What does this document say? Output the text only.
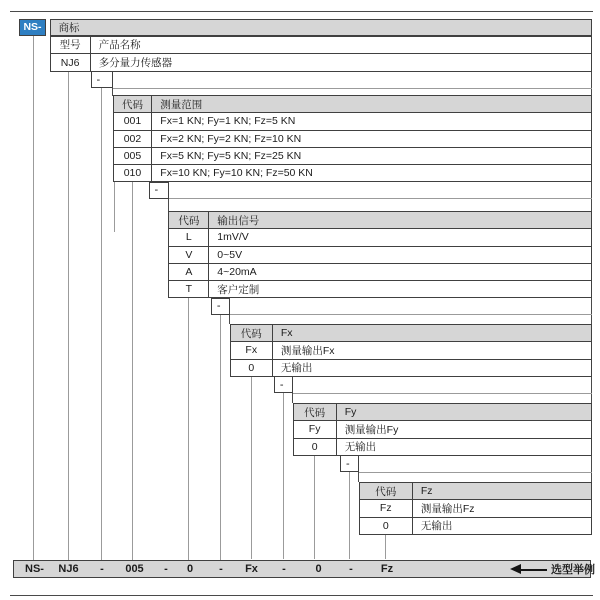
NS- 商标
型号	产品名称
NJ6	多分量力传感器
-
代码	测量范围
001	Fx=1 KN; Fy=1 KN; Fz=5 KN
002	Fx=2 KN; Fy=2 KN; Fz=10 KN
005	Fx=5 KN; Fy=5 KN; Fz=25 KN
010	Fx=10 KN; Fy=10 KN; Fz=50 KN
-
代码	输出信号
L	1mV/V
V	0~5V
A	4~20mA
T	客户定制
-
代码	Fx
Fx	测量输出Fx
0	无输出
-
代码	Fy
Fy	测量输出Fy
0	无输出
-
代码	Fz
Fz	测量输出Fz
0	无输出
NS- NJ6 - 005 - 0 - Fx -	0	-	Fz	选型举例
